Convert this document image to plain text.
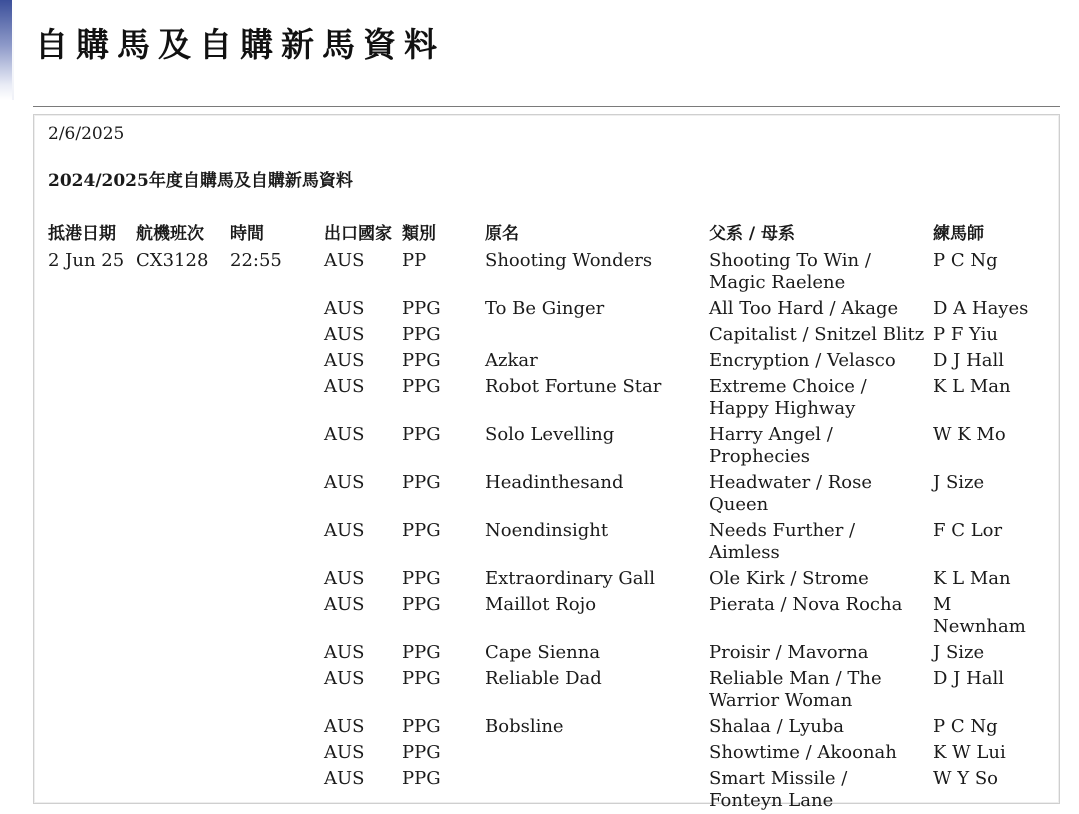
自購馬及自購新馬資料
2/6/2025
2024/2025年度自購馬及自購新馬資料
抵港日期	航機班次	時間	出口國家	類別	原名	父系 / 母系	練馬師
2 Jun 25	CX3128	22:55	AUS	PP	Shooting Wonders	Shooting To Win / Magic Raelene	P C Ng
			AUS	PPG	To Be Ginger	All Too Hard / Akage	D A Hayes
			AUS	PPG		Capitalist / Snitzel Blitz	P F Yiu
			AUS	PPG	Azkar	Encryption / Velasco	D J Hall
			AUS	PPG	Robot Fortune Star	Extreme Choice / Happy Highway	K L Man
			AUS	PPG	Solo Levelling	Harry Angel / Prophecies	W K Mo
			AUS	PPG	Headinthesand	Headwater / Rose Queen	J Size
			AUS	PPG	Noendinsight	Needs Further / Aimless	F C Lor
			AUS	PPG	Extraordinary Gall	Ole Kirk / Strome	K L Man
			AUS	PPG	Maillot Rojo	Pierata / Nova Rocha	M Newnham
			AUS	PPG	Cape Sienna	Proisir / Mavorna	J Size
			AUS	PPG	Reliable Dad	Reliable Man / The Warrior Woman	D J Hall
			AUS	PPG	Bobsline	Shalaa / Lyuba	P C Ng
			AUS	PPG		Showtime / Akoonah	K W Lui
			AUS	PPG		Smart Missile / Fonteyn Lane	W Y So
